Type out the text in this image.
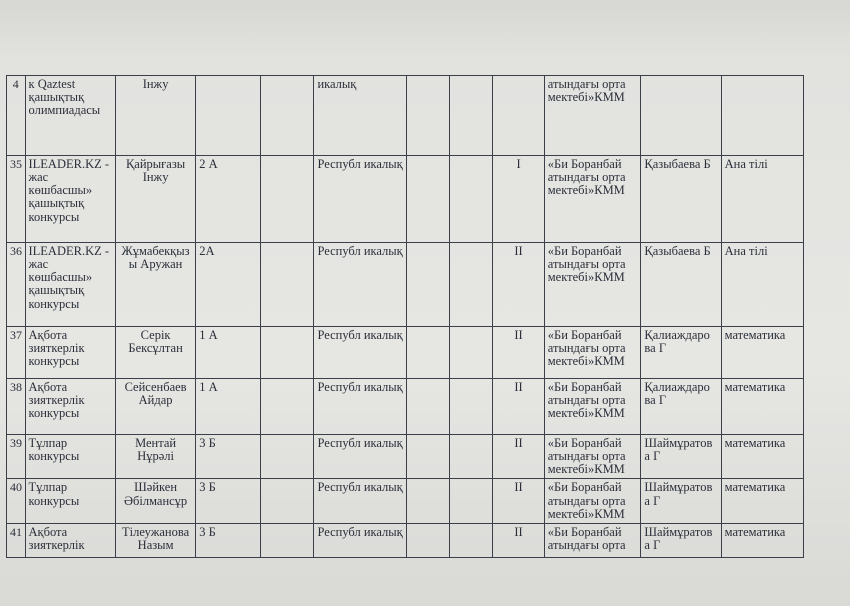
4	к Qaztest қашықтық олимпиадасы	Інжу			икалық				атындағы орта мектебі»КММ		
35	ILEADER.KZ - жас көшбасшы» қашықтық конкурсы	Қайрығазы Інжу	2 А		Республ икалық			І	«Би Боранбай атындағы орта мектебі»КММ	Қазыбаева Б	Ана тілі
36	ILEADER.KZ - жас көшбасшы» қашықтық конкурсы	Жұмабекқыз ы Аружан	2А		Республ икалық			ІІ	«Би Боранбай атындағы орта мектебі»КММ	Қазыбаева Б	Ана тілі
37	Ақбота зияткерлік конкурсы	Серік Бексұлтан	1 А		Республ икалық			ІІ	«Би Боранбай атындағы орта мектебі»КММ	Қалиаждаро ва Г	математика
38	Ақбота зияткерлік конкурсы	Сейсенбаев Айдар	1 А		Республ икалық			ІІ	«Би Боранбай атындағы орта мектебі»КММ	Қалиаждаро ва Г	математика
39	Тұлпар конкурсы	Ментай Нұрәлі	3 Б		Республ икалық			ІІ	«Би Боранбай атындағы орта мектебі»КММ	Шаймұратов а Г	математика
40	Тұлпар конкурсы	Шәйкен Әбілмансұр	3 Б		Республ икалық			ІІ	«Би Боранбай атындағы орта мектебі»КММ	Шаймұратов а Г	математика
41	Ақбота зияткерлік	Тілеужанова Назым	3 Б		Республ икалық			ІІ	«Би Боранбай атындағы орта	Шаймұратов а Г	математика
